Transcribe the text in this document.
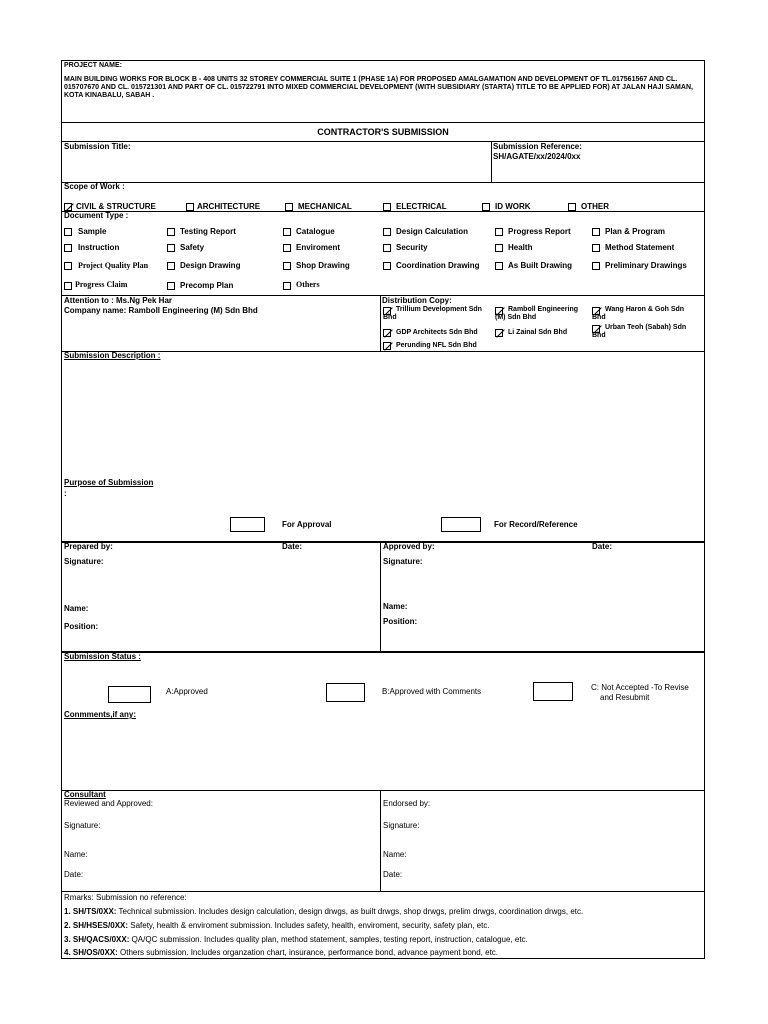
PROJECT NAME:
MAIN BUILDING WORKS FOR BLOCK B - 408 UNITS 32 STOREY COMMERCIAL SUITE 1 (PHASE 1A) FOR PROPOSED AMALGAMATION AND DEVELOPMENT OF TL.017561567 AND CL. 015707670 AND CL. 015721301 AND PART OF CL. 015722791 INTO MIXED COMMERCIAL DEVELOPMENT (WITH SUBSIDIARY (STARTA) TITLE TO BE APPLIED FOR) AT JALAN HAJI SAMAN, KOTA KINABALU, SABAH .
CONTRACTOR'S SUBMISSION
Submission Title:	Submission Reference:
SH/AGATE/xx/2024/0xx
Scope of Work :
CIVIL & STRUCTURE	ARCHITECTURE	MECHANICAL	ELECTRICAL	ID WORK	OTHER
Document Type :
Sample	Testing Report	Catalogue	Design Calculation	Progress Report	Plan & Program
Instruction	Safety	Enviroment	Security	Health	Method Statement
Project Quality Plan	Design Drawing	Shop Drawing	Coordination Drawing	As Built Drawing	Preliminary Drawings
Progress Claim	Precomp Plan	Others
Attention to : Ms.Ng Pek Har
Company name: Ramboll Engineering (M) Sdn Bhd
Distribution Copy:
Trillium Development Sdn Bhd
Ramboll Engineering (M) Sdn Bhd
Wang Haron & Goh Sdn Bhd
GDP Architects Sdn Bhd	Li Zainal Sdn Bhd
Urban Teoh (Sabah) Sdn Bhd
Perunding NFL Sdn Bhd
Submission Description :
Purpose of Submission
:
For Approval	For Record/Reference
Prepared by:	Date:
Signature:
Name:
Position:
Approved by:	Date:
Signature:
Name:
Position:
Submission Status :
A:Approved	B:Approved with Comments	C: Not Accepted -To Revise
and Resubmit
Conmments,if any:
Consultant
Reviewed and Approved:
Signature:
Name:
Date:
Endorsed by:
Signature:
Name:
Date:
Rmarks: Submission no reference:
1. SH/TS/0XX: Technical submission. Includes design calculation, design drwgs, as built drwgs, shop drwgs, prelim drwgs, coordination drwgs, etc.
2. SH/HSES/0XX: Safety, health & enviroment submission. Includes safety, health, enviroment, security, safety plan, etc.
3. SH/QACS/0XX: QA/QC submission. Includes quality plan, method statement, samples, testing report, instruction, catalogue, etc.
4. SH/OS/0XX: Others submission. Includes organzation chart, insurance, performance bond, advance payment bond, etc.
